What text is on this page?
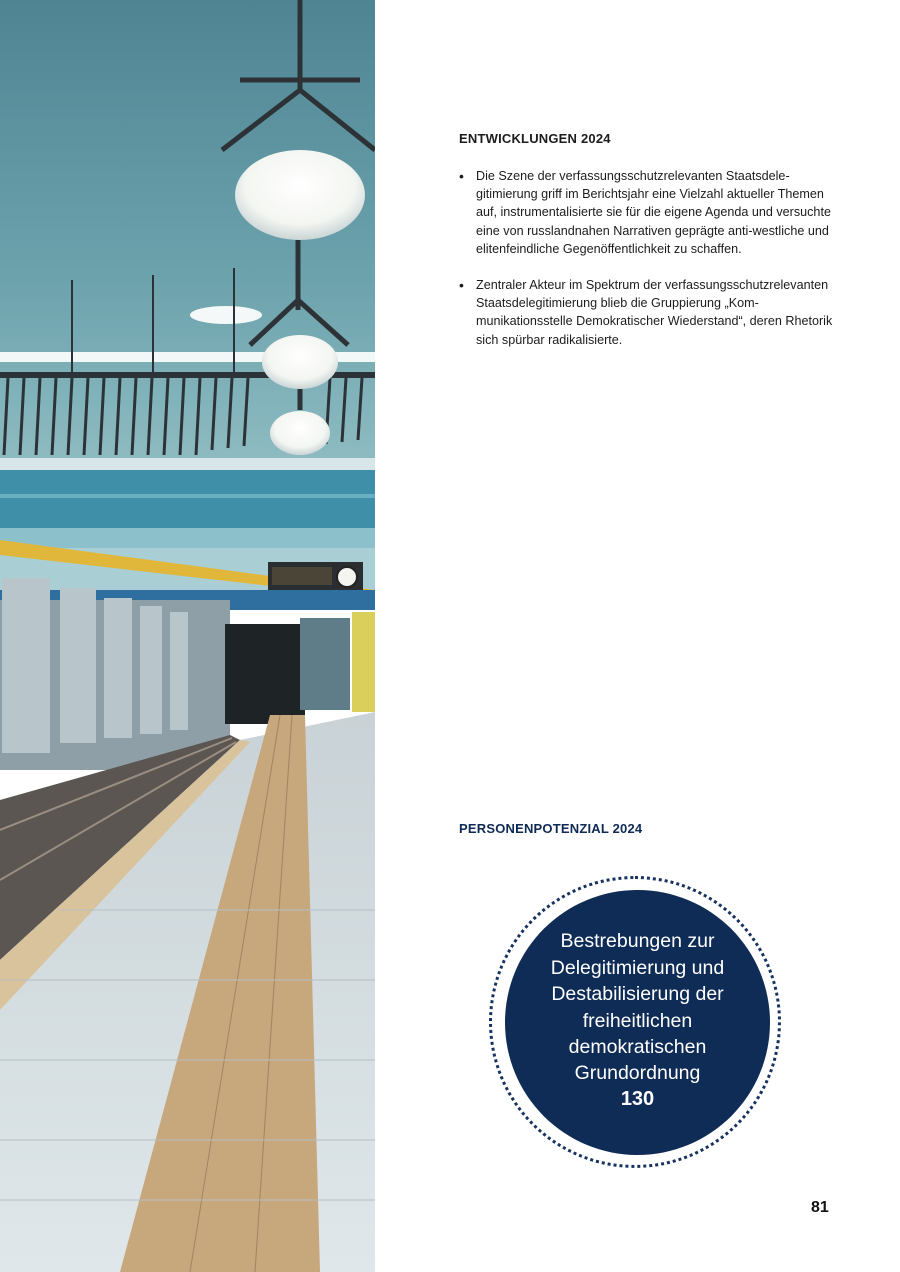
ENTWICKLUNGEN 2024
• Die Szene der verfassungsschutzrelevanten Staatsdelegitimierung griff im Berichtsjahr eine Vielzahl aktueller Themen auf, instrumentalisierte sie für die eigene Agenda und versuchte eine von russlandnahen Narrativen geprägte anti-westliche und elitenfeindliche Gegenöffentlichkeit zu schaffen.
• Zentraler Akteur im Spektrum der verfassungsschutzrelevanten Staatsdelegitimierung blieb die Gruppierung „Kommunikationsstelle Demokratischer Wiederstand“, deren Rhetorik sich spürbar radikalisierte.
PERSONENPOTENZIAL 2024
Bestrebungen zur Delegitimierung und Destabilisierung der freiheitlichen demokratischen Grundordnung
130
81
